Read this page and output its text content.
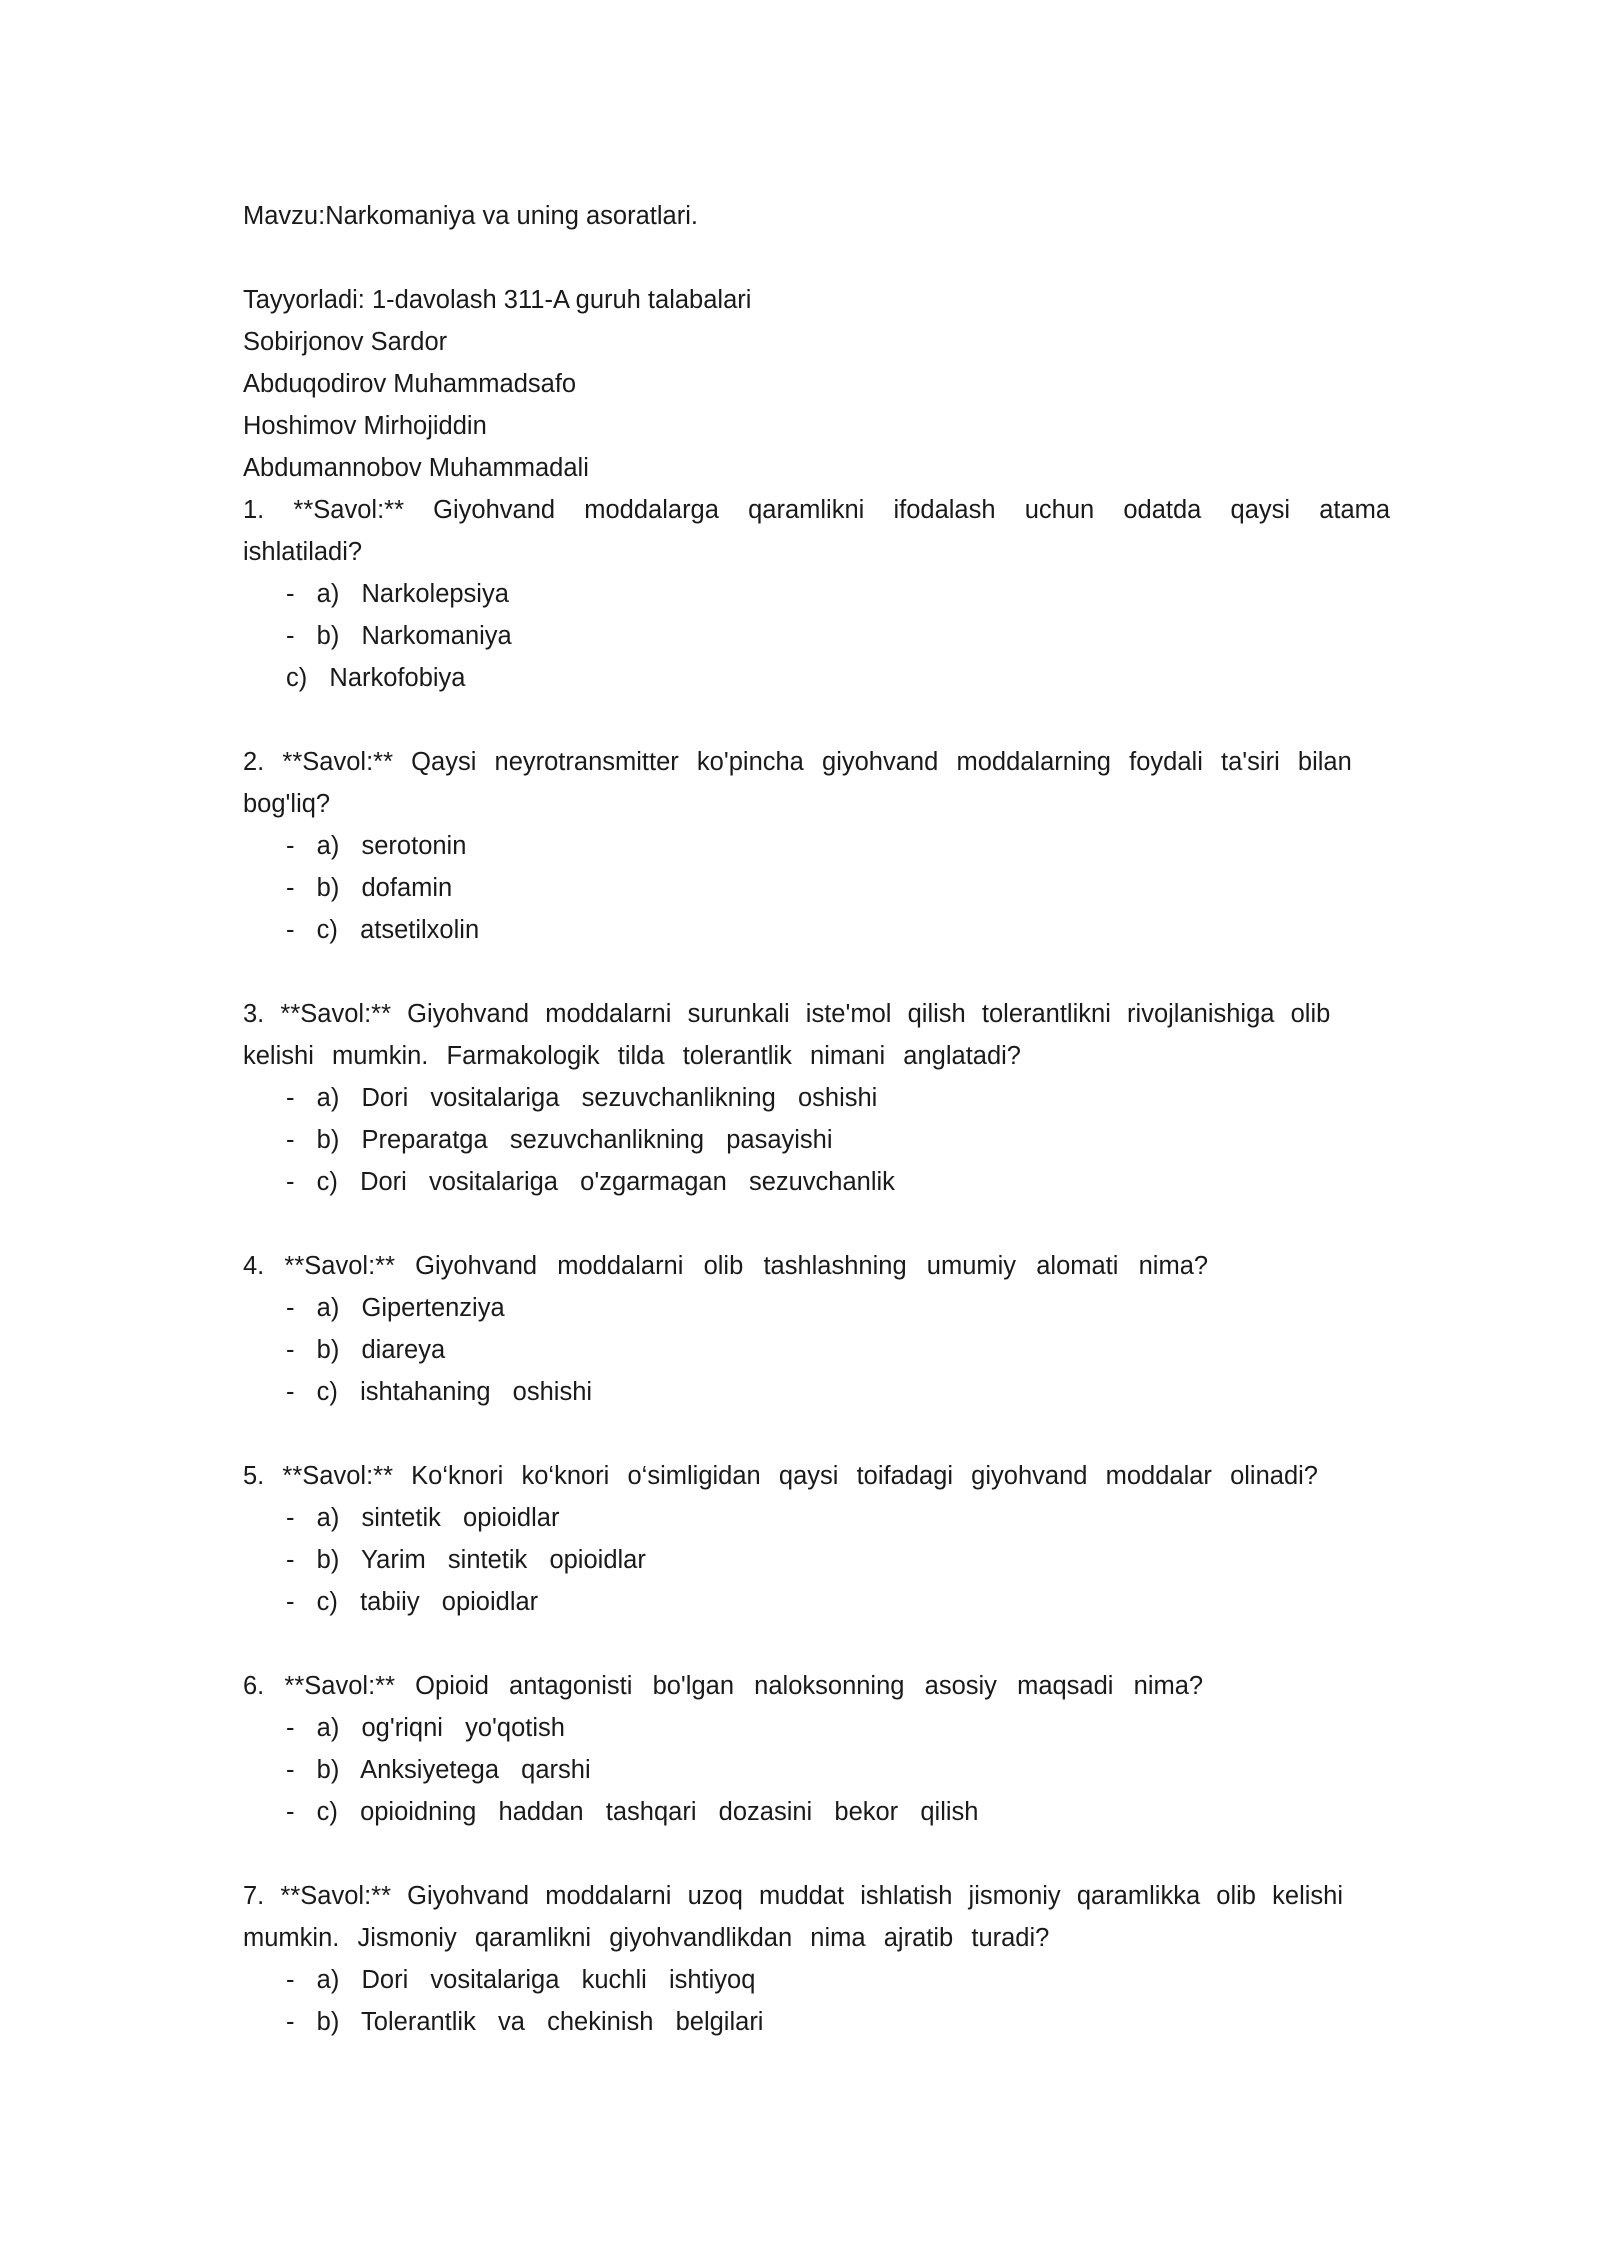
Mavzu:Narkomaniya va uning asoratlari.

Tayyorladi: 1-davolash 311-A guruh talabalari

Sobirjonov Sardor

Abduqodirov Muhammadsafo

Hoshimov Mirhojiddin

Abdumannobov Muhammadali

1.  **Savol:**  Giyohvand  moddalarga  qaramlikni  ifodalash  uchun  odatda  qaysi  atama

ishlatiladi?

-  a)  Narkolepsiya

-  b)  Narkomaniya

c)  Narkofobiya

2.  **Savol:**  Qaysi  neyrotransmitter  ko'pincha  giyohvand  moddalarning  foydali  ta'siri  bilan

bog'liq?

-  a)  serotonin

-  b)  dofamin

-  c)  atsetilxolin

3.  **Savol:**  Giyohvand  moddalarni  surunkali  iste'mol  qilish  tolerantlikni  rivojlanishiga  olib

kelishi  mumkin.  Farmakologik  tilda  tolerantlik  nimani  anglatadi?

-  a)  Dori  vositalariga  sezuvchanlikning  oshishi

-  b)  Preparatga  sezuvchanlikning  pasayishi

-  c)  Dori  vositalariga  o'zgarmagan  sezuvchanlik

4.  **Savol:**  Giyohvand  moddalarni  olib  tashlashning  umumiy  alomati  nima?

-  a)  Gipertenziya

-  b)  diareya

-  c)  ishtahaning  oshishi

5.  **Savol:**  Ko‘knori  ko‘knori  o‘simligidan  qaysi  toifadagi  giyohvand  moddalar  olinadi?

-  a)  sintetik  opioidlar

-  b)  Yarim  sintetik  opioidlar

-  c)  tabiiy  opioidlar

6.  **Savol:**  Opioid  antagonisti  bo'lgan  naloksonning  asosiy  maqsadi  nima?

-  a)  og'riqni  yo'qotish

-  b)  Anksiyetega  qarshi

-  c)  opioidning  haddan  tashqari  dozasini  bekor  qilish

7.  **Savol:**  Giyohvand  moddalarni  uzoq  muddat  ishlatish  jismoniy  qaramlikka  olib  kelishi

mumkin.  Jismoniy  qaramlikni  giyohvandlikdan  nima  ajratib  turadi?

-  a)  Dori  vositalariga  kuchli  ishtiyoq

-  b)  Tolerantlik  va  chekinish  belgilari
